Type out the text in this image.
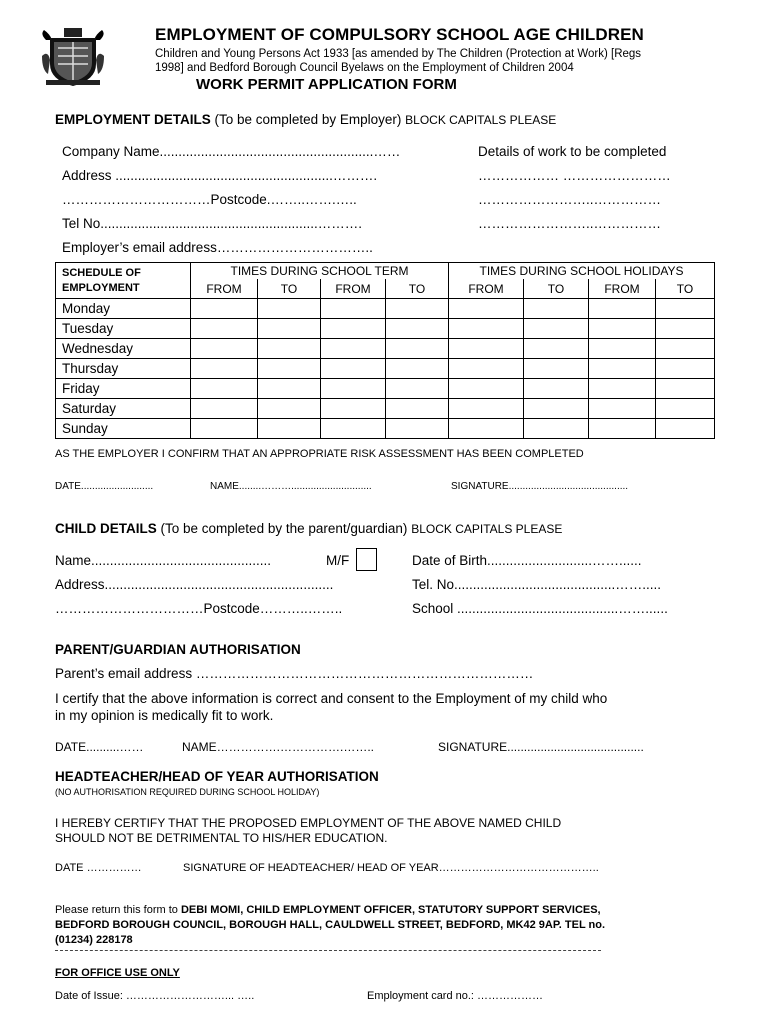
EMPLOYMENT OF COMPULSORY SCHOOL AGE CHILDREN
Children and Young Persons Act 1933 [as amended by The Children (Protection at Work) [Regs
1998] and Bedford Borough Council Byelaws on the Employment of Children 2004
WORK PERMIT APPLICATION FORM
EMPLOYMENT DETAILS (To be completed by Employer) BLOCK CAPITALS PLEASE
Company Name.........................................................……
Address ..........................................................……….
……………………………Postcode.……..…….…..
Tel No..........................................................……….
Employer’s email address……………………………..
Details of work to be completed
……………… ……………………
……………………..……………
……………………..……………
SCHEDULE OF
EMPLOYMENT	TIMES DURING SCHOOL TERM				TIMES DURING SCHOOL HOLIDAYS			
	FROM	TO	FROM	TO	FROM	TO	FROM	TO
Monday								
Tuesday								
Wednesday								
Thursday								
Friday								
Saturday								
Sunday								
AS THE EMPLOYER I CONFIRM THAT AN APPROPRIATE RISK ASSESSMENT HAS BEEN COMPLETED
DATE..........................	NAME........……….............................	SIGNATURE...........................................
CHILD DETAILS (To be completed by the parent/guardian) BLOCK CAPITALS PLEASE
Name................................................	M/F
Address.............................................................
……………………………Postcode………..……..
Date of Birth............................……......
Tel. No...........................................…….....
School ...........................................……......
PARENT/GUARDIAN AUTHORISATION
Parent’s email address …………………………………………………………………
I certify that the above information is correct and consent to the Employment of my child who
in my opinion is medically fit to work.
DATE..........……	NAME…………….…………….……..	SIGNATURE.........................................
HEADTEACHER/HEAD OF YEAR AUTHORISATION
(NO AUTHORISATION REQUIRED DURING SCHOOL HOLIDAY)
I HEREBY CERTIFY THAT THE PROPOSED EMPLOYMENT OF THE ABOVE NAMED CHILD
SHOULD NOT BE DETRIMENTAL TO HIS/HER EDUCATION.
DATE ……………	SIGNATURE OF HEADTEACHER/ HEAD OF YEAR……………………………………..
Please return this form to DEBI MOMI, CHILD EMPLOYMENT OFFICER, STATUTORY SUPPORT SERVICES,
BEDFORD BOROUGH COUNCIL, BOROUGH HALL, CAULDWELL STREET, BEDFORD, MK42 9AP. TEL no.
(01234) 228178
FOR OFFICE USE ONLY
Date of Issue: ………………………... …..	Employment card no.: ………………
